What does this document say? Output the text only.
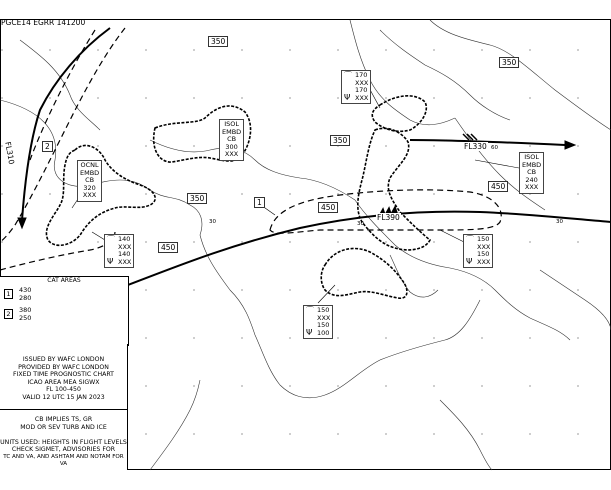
PGCE14 EGRR 141200
350
350
350
350
450
450
450
FL310	FL330
FL390
2
1
30	30	30
60
OCNL
EMBD
CB
320
XXX
ISOL
EMBD
CB
300
XXX	ISOL
EMBD
CB
240
XXX
⌒
Ψ
170
XXX
170
XXX
⌒
Ψ
140
XXX
140
XXX
⌒
Ψ
150
XXX
150
XXX
⌒
Ψ
150
XXX
150
100
CAT AREAS
1	430
280
2	380
250
ISSUED BY WAFC LONDON
PROVIDED BY WAFC LONDON
FIXED TIME PROGNOSTIC CHART
ICAO AREA MEA SIGWX
FL 100-450
VALID 12 UTC 15 JAN 2023
CB IMPLIES TS, GR
MOD OR SEV TURB AND ICE
UNITS USED: HEIGHTS IN FLIGHT LEVELS
CHECK SIGMET, ADVISORIES FOR
TC AND VA, AND ASHTAM AND NOTAM FOR VA
